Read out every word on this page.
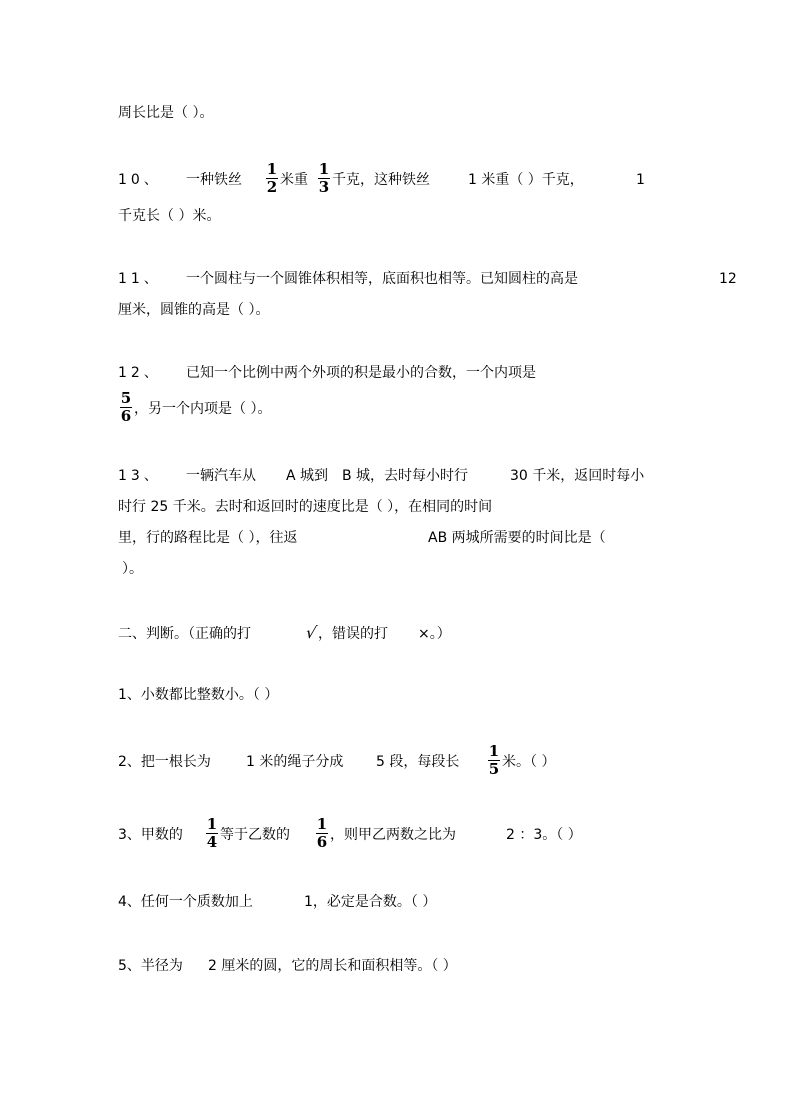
周长比是（ ）。
10、 一种铁丝
1
2 米重
1
3 千克，这种铁丝	1 米重（ ）千克，	1
千克长（ ）米。
11、 一个圆柱与一个圆锥体积相等，底面积也相等。已知圆柱的高是	12
厘米，圆锥的高是（ ）。
12、 已知一个比例中两个外项的积是最小的合数，一个内项是
5
6 ，另一个内项是（ ）。
13、 一辆汽车从 A 城到 B 城，去时每小时行	30 千米，返回时每小
时行 25 千米。去时和返回时的速度比是（ ），在相同的时间
里，行的路程比是（ ），往返	AB 两城所需要的时间比是（
）。
二、判断。（正确的打	√ ，错误的打 ×。）
1、小数都比整数小。（ ）
2、把一根长为	1 米的绳子分成 5 段，每段长
1
5 米。（ ）
3、甲数的
1
4 等于乙数的
1
6 ，则甲乙两数之比为	2 ：3。（ ）
4、任何一个质数加上	1，必定是合数。（ ）
5、半径为 2 厘米的圆，它的周长和面积相等。（ ）
